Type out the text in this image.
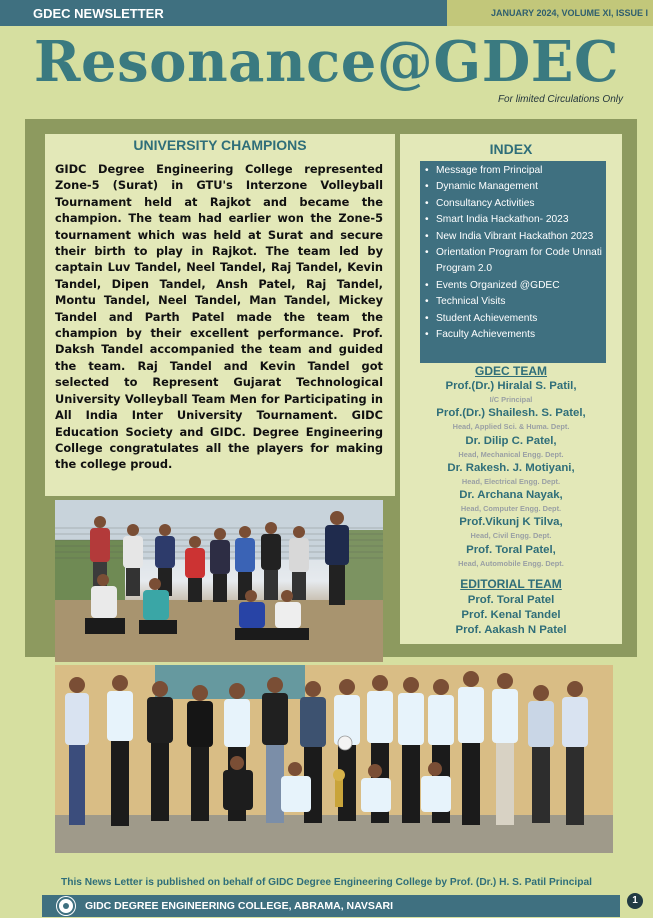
GDEC NEWSLETTER	JANUARY 2024, VOLUME XI, ISSUE I
Resonance@GDEC
For limited Circulations Only
UNIVERSITY CHAMPIONS
GIDC Degree Engineering College represented Zone-5 (Surat) in GTU's Interzone Volleyball Tournament held at Rajkot and became the champion. The team had earlier won the Zone-5 tournament which was held at Surat and secure their birth to play in Rajkot. The team led by captain Luv Tandel, Neel Tandel, Raj Tandel, Kevin Tandel, Dipen Tandel, Ansh Patel, Raj Tandel, Montu Tandel, Neel Tandel, Man Tandel, Mickey Tandel and Parth Patel made the team the champion by their excellent performance. Prof. Daksh Tandel accompanied the team and guided the team. Raj Tandel and Kevin Tandel got selected to Represent Gujarat Technological University Volleyball Team Men for Participating in All India Inter University Tournament. GIDC Education Society and GIDC. Degree Engineering College congratulates all the players for making the college proud.
INDEX
• Message from Principal
• Dynamic Management
• Consultancy Activities
• Smart India Hackathon- 2023
• New India Vibrant Hackathon 2023
• Orientation Program for Code Unnati Program 2.0
• Events Organized @GDEC
• Technical Visits
• Student Achievements
• Faculty Achievements
GDEC TEAM
Prof.(Dr.) Hiralal S. Patil,
I/C Principal
Prof.(Dr.) Shailesh. S. Patel,
Head, Applied Sci. & Huma. Dept.
Dr. Dilip C. Patel,
Head, Mechanical Engg. Dept.
Dr. Rakesh. J. Motiyani,
Head, Electrical Engg. Dept.
Dr. Archana Nayak,
Head, Computer Engg. Dept.
Prof.Vikunj K Tilva,
Head, Civil Engg. Dept.
Prof. Toral Patel,
Head, Automobile Engg. Dept.
EDITORIAL TEAM
Prof. Toral Patel
Prof. Kenal Tandel
Prof. Aakash N Patel
This News Letter is published on behalf of GIDC Degree Engineering College by Prof. (Dr.) H. S. Patil Principal
GIDC DEGREE ENGINEERING COLLEGE, ABRAMA, NAVSARI	1
